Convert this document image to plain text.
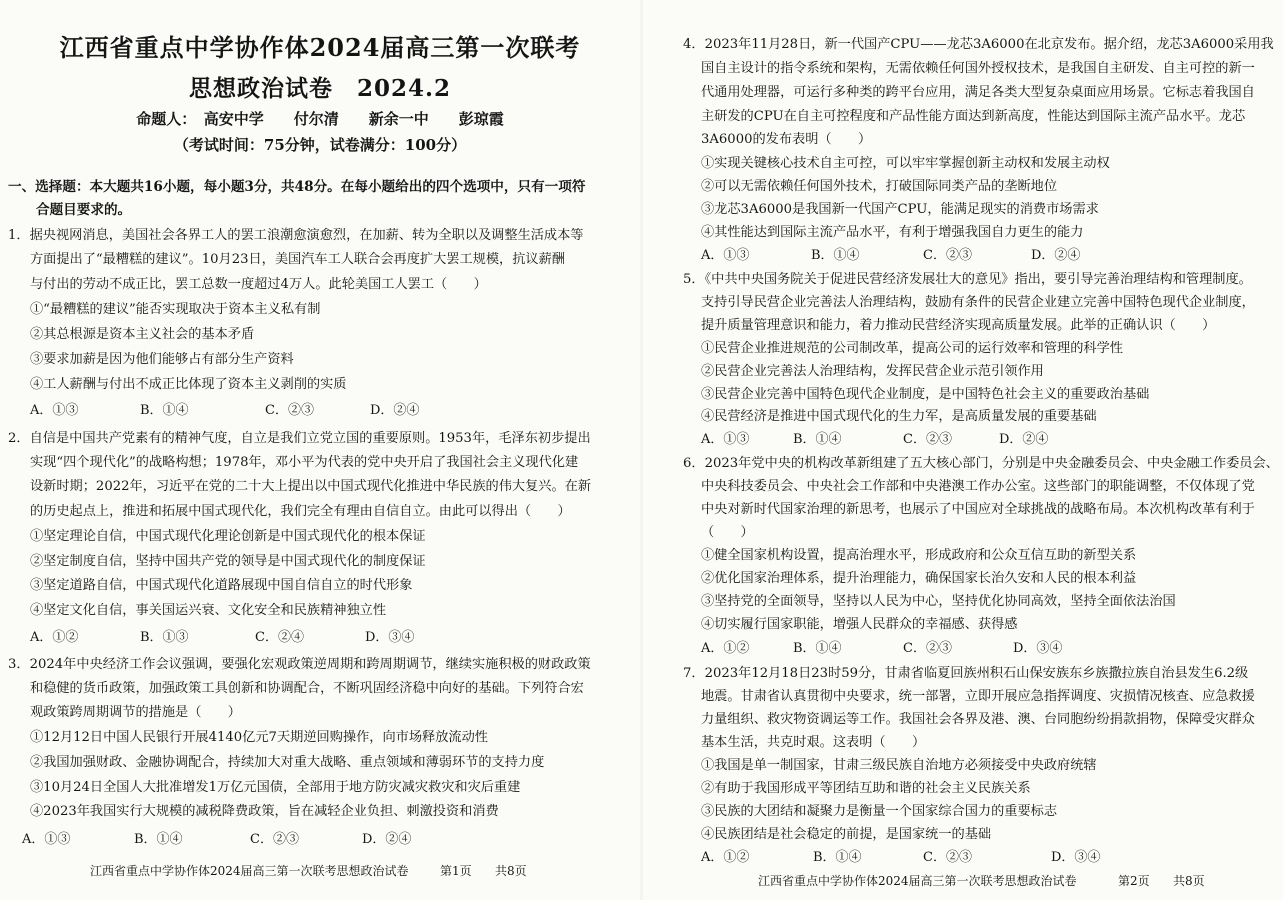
江西省重点中学协作体2024届高三第一次联考
思想政治试卷　2024.2
命题人：　高安中学　　付尔清　　新余一中　　彭琼霞
（考试时间：75分钟，试卷满分：100分）
一、选择题：本大题共16小题，每小题3分，共48分。在每小题给出的四个选项中，只有一项符
合题目要求的。
1．据央视网消息，美国社会各界工人的罢工浪潮愈演愈烈，在加薪、转为全职以及调整生活成本等
方面提出了“最糟糕的建议”。10月23日，美国汽车工人联合会再度扩大罢工规模，抗议薪酬
与付出的劳动不成正比，罢工总数一度超过4万人。此轮美国工人罢工（　　）
①“最糟糕的建议”能否实现取决于资本主义私有制
②其总根源是资本主义社会的基本矛盾
③要求加薪是因为他们能够占有部分生产资料
④工人薪酬与付出不成正比体现了资本主义剥削的实质
A．①③	B．①④	C．②③	D．②④
2．自信是中国共产党素有的精神气度，自立是我们立党立国的重要原则。1953年，毛泽东初步提出
实现“四个现代化”的战略构想；1978年，邓小平为代表的党中央开启了我国社会主义现代化建
设新时期；2022年，习近平在党的二十大上提出以中国式现代化推进中华民族的伟大复兴。在新
的历史起点上，推进和拓展中国式现代化，我们完全有理由自信自立。由此可以得出（　　）
①坚定理论自信，中国式现代化理论创新是中国式现代化的根本保证
②坚定制度自信，坚持中国共产党的领导是中国式现代化的制度保证
③坚定道路自信，中国式现代化道路展现中国自信自立的时代形象
④坚定文化自信，事关国运兴衰、文化安全和民族精神独立性
A．①②	B．①③	C．②④	D．③④
3．2024年中央经济工作会议强调，要强化宏观政策逆周期和跨周期调节，继续实施积极的财政政策
和稳健的货币政策，加强政策工具创新和协调配合，不断巩固经济稳中向好的基础。下列符合宏
观政策跨周期调节的措施是（　　）
①12月12日中国人民银行开展4140亿元7天期逆回购操作，向市场释放流动性
②我国加强财政、金融协调配合，持续加大对重大战略、重点领域和薄弱环节的支持力度
③10月24日全国人大批准增发1万亿元国债，全部用于地方防灾减灾救灾和灾后重建
④2023年我国实行大规模的减税降费政策，旨在减轻企业负担、刺激投资和消费
A．①③	B．①④	C．②③	D．②④
江西省重点中学协作体2024届高三第一次联考思想政治试卷	第1页 共8页
4．2023年11月28日，新一代国产CPU——龙芯3A6000在北京发布。据介绍，龙芯3A6000采用我
国自主设计的指令系统和架构，无需依赖任何国外授权技术，是我国自主研发、自主可控的新一
代通用处理器，可运行多种类的跨平台应用，满足各类大型复杂桌面应用场景。它标志着我国自
主研发的CPU在自主可控程度和产品性能方面达到新高度，性能达到国际主流产品水平。龙芯
3A6000的发布表明（　　）
①实现关键核心技术自主可控，可以牢牢掌握创新主动权和发展主动权
②可以无需依赖任何国外技术，打破国际同类产品的垄断地位
③龙芯3A6000是我国新一代国产CPU，能满足现实的消费市场需求
④其性能达到国际主流产品水平，有利于增强我国自力更生的能力
A．①③	B．①④	C．②③	D．②④
5．《中共中央国务院关于促进民营经济发展壮大的意见》指出，要引导完善治理结构和管理制度。
支持引导民营企业完善法人治理结构，鼓励有条件的民营企业建立完善中国特色现代企业制度，
提升质量管理意识和能力，着力推动民营经济实现高质量发展。此举的正确认识（　　）
①民营企业推进规范的公司制改革，提高公司的运行效率和管理的科学性
②民营企业完善法人治理结构，发挥民营企业示范引领作用
③民营企业完善中国特色现代企业制度，是中国特色社会主义的重要政治基础
④民营经济是推进中国式现代化的生力军，是高质量发展的重要基础
A．①③	B．①④	C．②③	D．②④
6．2023年党中央的机构改革新组建了五大核心部门，分别是中央金融委员会、中央金融工作委员会、
中央科技委员会、中央社会工作部和中央港澳工作办公室。这些部门的职能调整，不仅体现了党
中央对新时代国家治理的新思考，也展示了中国应对全球挑战的战略布局。本次机构改革有利于
（　　）
①健全国家机构设置，提高治理水平，形成政府和公众互信互助的新型关系
②优化国家治理体系，提升治理能力，确保国家长治久安和人民的根本利益
③坚持党的全面领导，坚持以人民为中心，坚持优化协同高效，坚持全面依法治国
④切实履行国家职能，增强人民群众的幸福感、获得感
A．①②	B．①④	C．②③	D．③④
7．2023年12月18日23时59分，甘肃省临夏回族州积石山保安族东乡族撒拉族自治县发生6.2级
地震。甘肃省认真贯彻中央要求，统一部署，立即开展应急指挥调度、灾损情况核查、应急救援
力量组织、救灾物资调运等工作。我国社会各界及港、澳、台同胞纷纷捐款捐物，保障受灾群众
基本生活，共克时艰。这表明（　　）
①我国是单一制国家，甘肃三级民族自治地方必须接受中央政府统辖
②有助于我国形成平等团结互助和谐的社会主义民族关系
③民族的大团结和凝聚力是衡量一个国家综合国力的重要标志
④民族团结是社会稳定的前提，是国家统一的基础
A．①②	B．①④	C．②③	D．③④
江西省重点中学协作体2024届高三第一次联考思想政治试卷	第2页 共8页
